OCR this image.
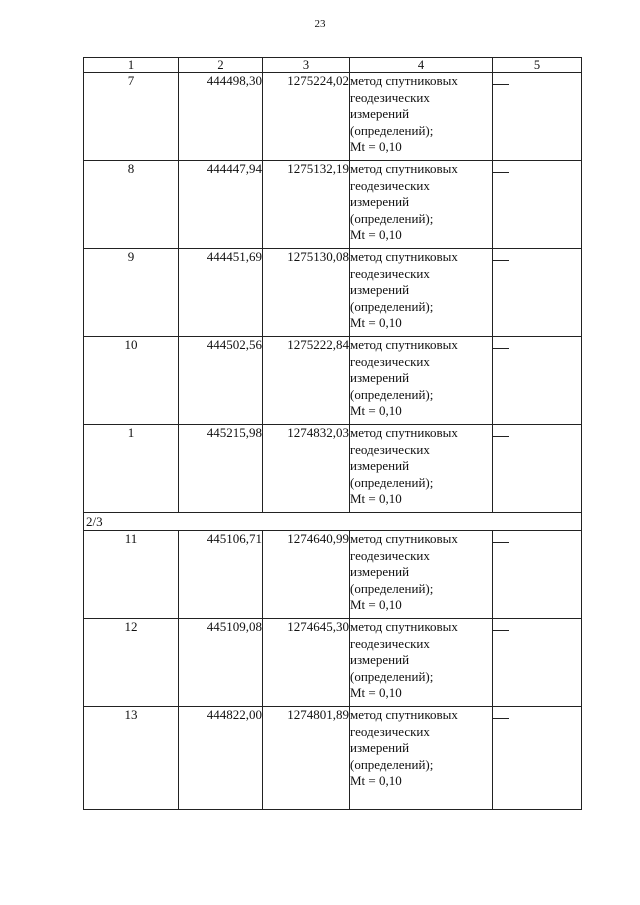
23
1	2	3	4	5
7	444498,30	1275224,02	метод спутниковых
геодезических
измерений
(определений);
Mt = 0,10	

8	444447,94	1275132,19	метод спутниковых
геодезических
измерений
(определений);
Mt = 0,10	

9	444451,69	1275130,08	метод спутниковых
геодезических
измерений
(определений);
Mt = 0,10	

10	444502,56	1275222,84	метод спутниковых
геодезических
измерений
(определений);
Mt = 0,10	

1	445215,98	1274832,03	метод спутниковых
геодезических
измерений
(определений);
Mt = 0,10	

2/3				
11	445106,71	1274640,99	метод спутниковых
геодезических
измерений
(определений);
Mt = 0,10	

12	445109,08	1274645,30	метод спутниковых
геодезических
измерений
(определений);
Mt = 0,10	

13	444822,00	1274801,89	метод спутниковых
геодезических
измерений
(определений);
Mt = 0,10	
